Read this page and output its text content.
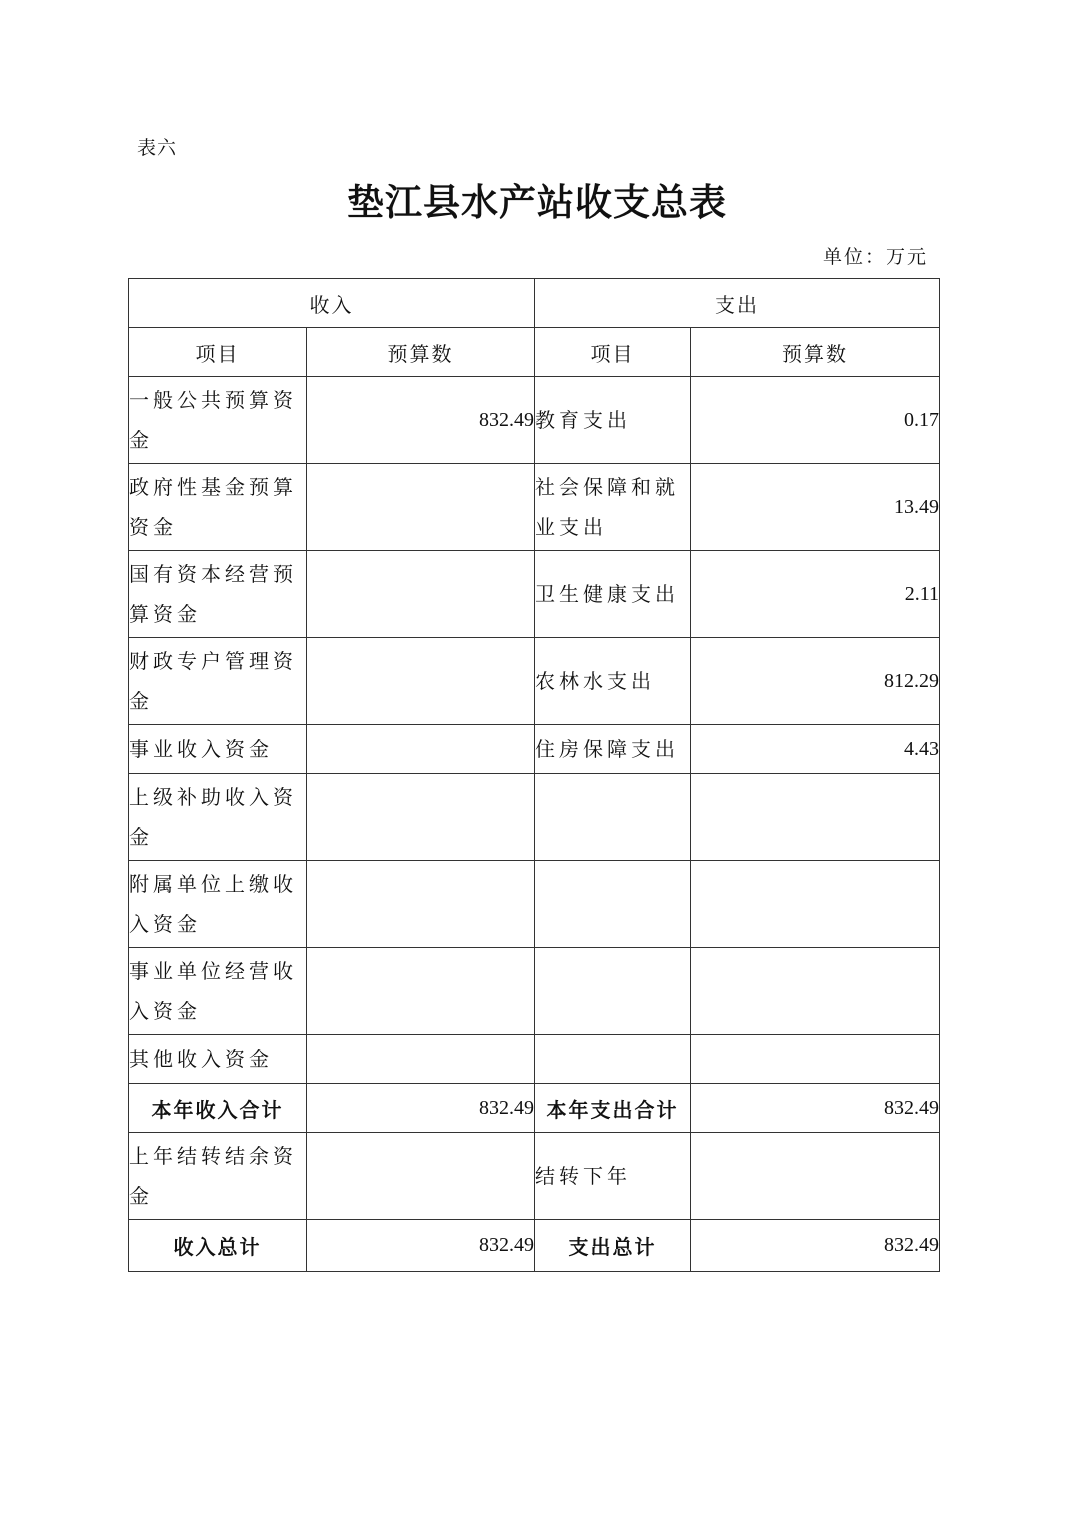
表六
垫江县水产站收支总表
单位：万元
收入		支出	
项目	预算数	项目	预算数
一般公共预算资金	832.49	教育支出	0.17
政府性基金预算资金		社会保障和就业支出	13.49
国有资本经营预算资金		卫生健康支出	2.11
财政专户管理资金		农林水支出	812.29
事业收入资金		住房保障支出	4.43
上级补助收入资金			
附属单位上缴收入资金			
事业单位经营收入资金			
其他收入资金			
本年收入合计	832.49	本年支出合计	832.49
上年结转结余资金		结转下年	
收入总计	832.49	支出总计	832.49
